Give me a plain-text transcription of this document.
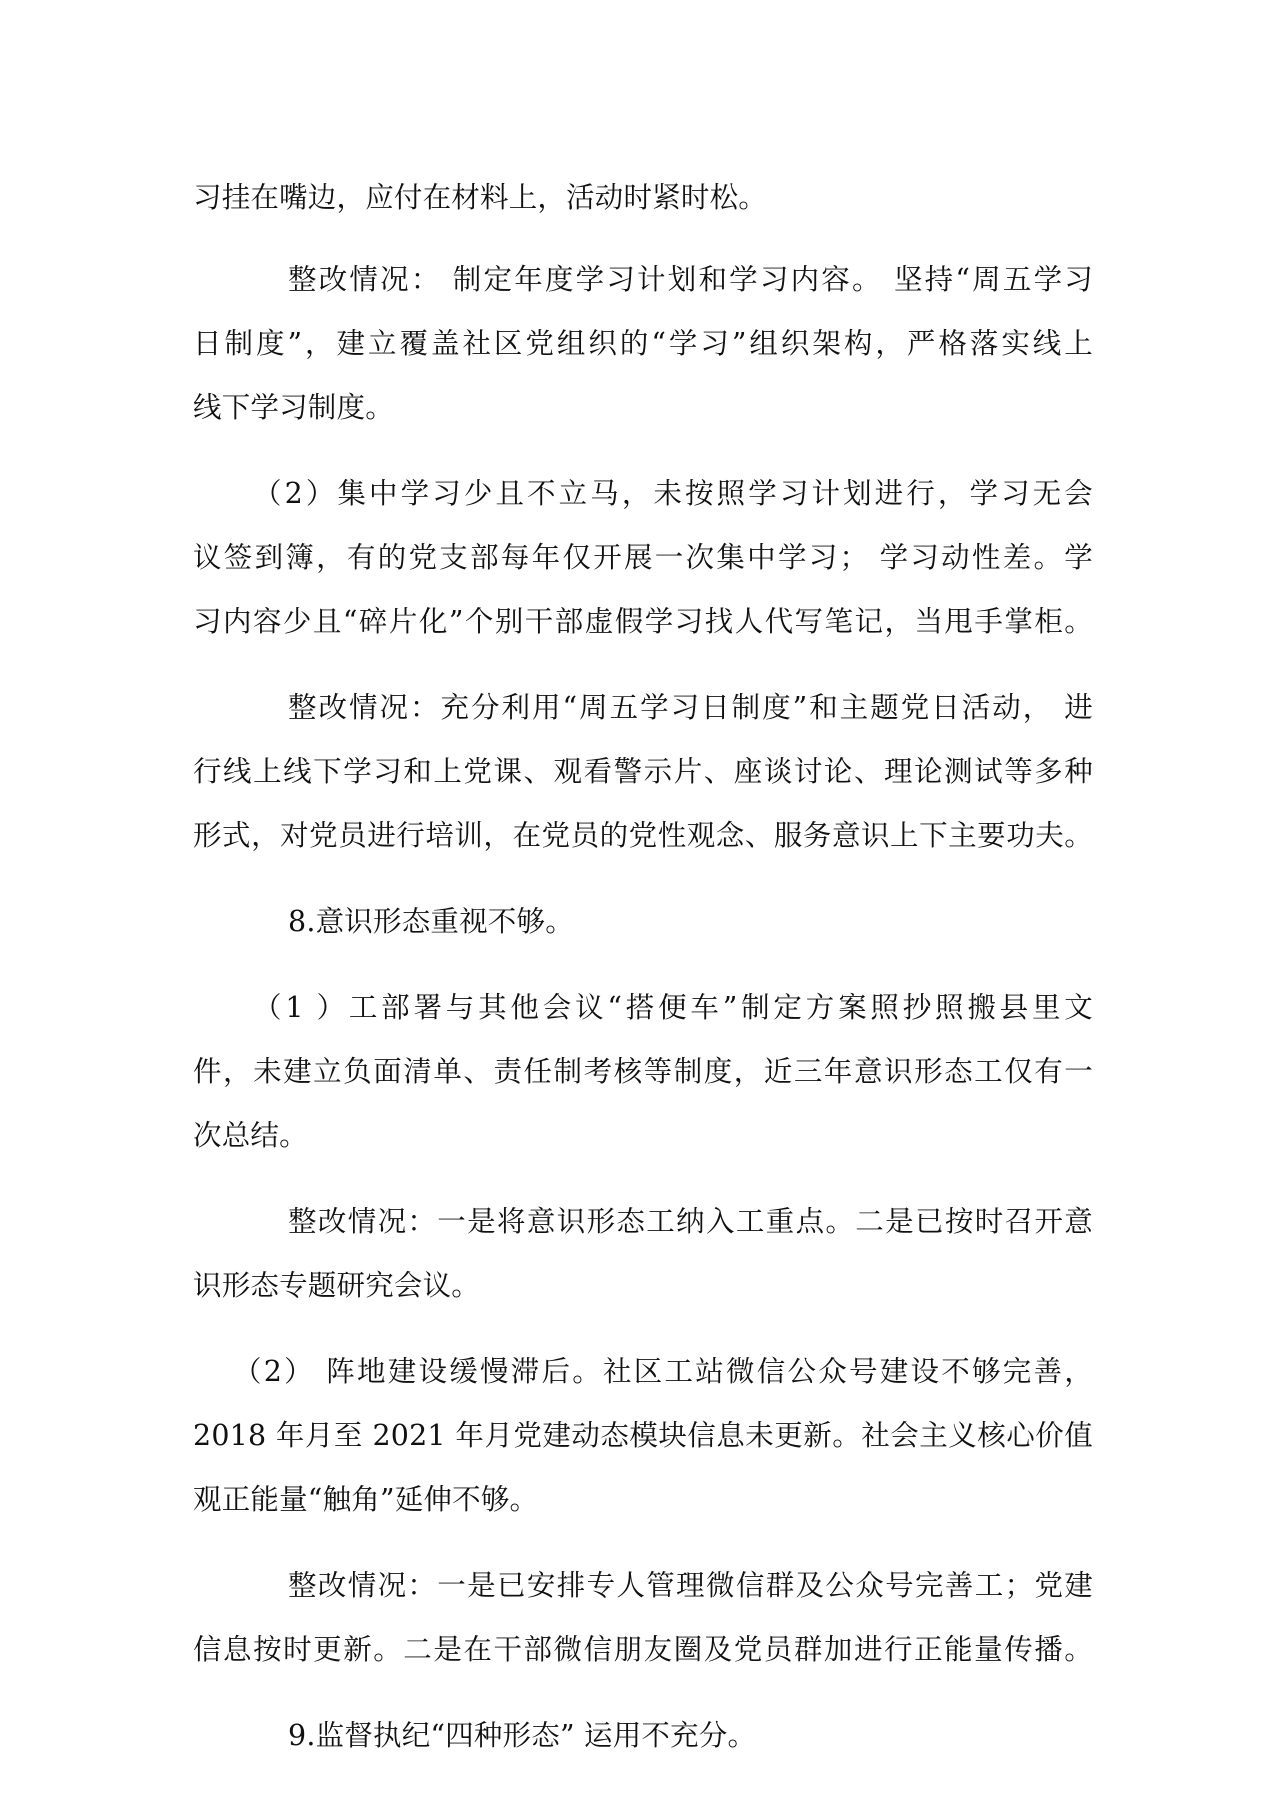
习挂在嘴边，应付在材料上，活动时紧时松。
整改情况： 制定年度学习计划和学习内容。 坚持“周五学习
日制度”，建立覆盖社区党组织的“学习”组织架构，严格落实线上
线下学习制度。
（2）集中学习少且不立马，未按照学习计划进行，学习无会
议签到簿，有的党支部每年仅开展一次集中学习； 学习动性差。学
习内容少且“碎片化”个别干部虚假学习找人代写笔记，当甩手掌柜。
整改情况：充分利用“周五学习日制度”和主题党日活动， 进
行线上线下学习和上党课、观看警示片、座谈讨论、理论测试等多种
形式，对党员进行培训，在党员的党性观念、服务意识上下主要功夫。
8.意识形态重视不够。
（1 ）工部署与其他会议“搭便车”制定方案照抄照搬县里文
件，未建立负面清单、责任制考核等制度，近三年意识形态工仅有一
次总结。
整改情况：一是将意识形态工纳入工重点。二是已按时召开意
识形态专题研究会议。
（2） 阵地建设缓慢滞后。社区工站微信公众号建设不够完善，
2018 年月至 2021 年月党建动态模块信息未更新。社会主义核心价值
观正能量“触角”延伸不够。
整改情况：一是已安排专人管理微信群及公众号完善工；党建
信息按时更新。二是在干部微信朋友圈及党员群加进行正能量传播。
9.监督执纪“四种形态” 运用不充分。
